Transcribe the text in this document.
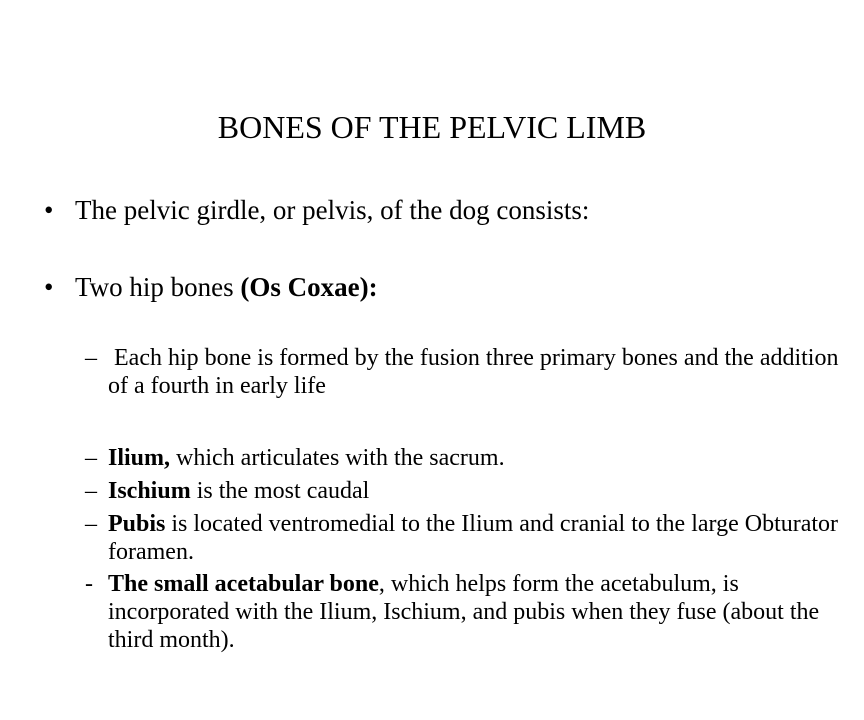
BONES OF THE PELVIC LIMB
• The pelvic girdle, or pelvis, of the dog consists:
• Two hip bones (Os Coxae):
– Each hip bone is formed by the fusion three primary bones and the addition of a fourth in early life
– Ilium, which articulates with the sacrum.
– Ischium is the most caudal
– Pubis is located ventromedial to the Ilium and cranial to the large Obturator foramen.
- The small acetabular bone, which helps form the acetabulum, is incorporated with the Ilium, Ischium, and pubis when they fuse (about the third month).
